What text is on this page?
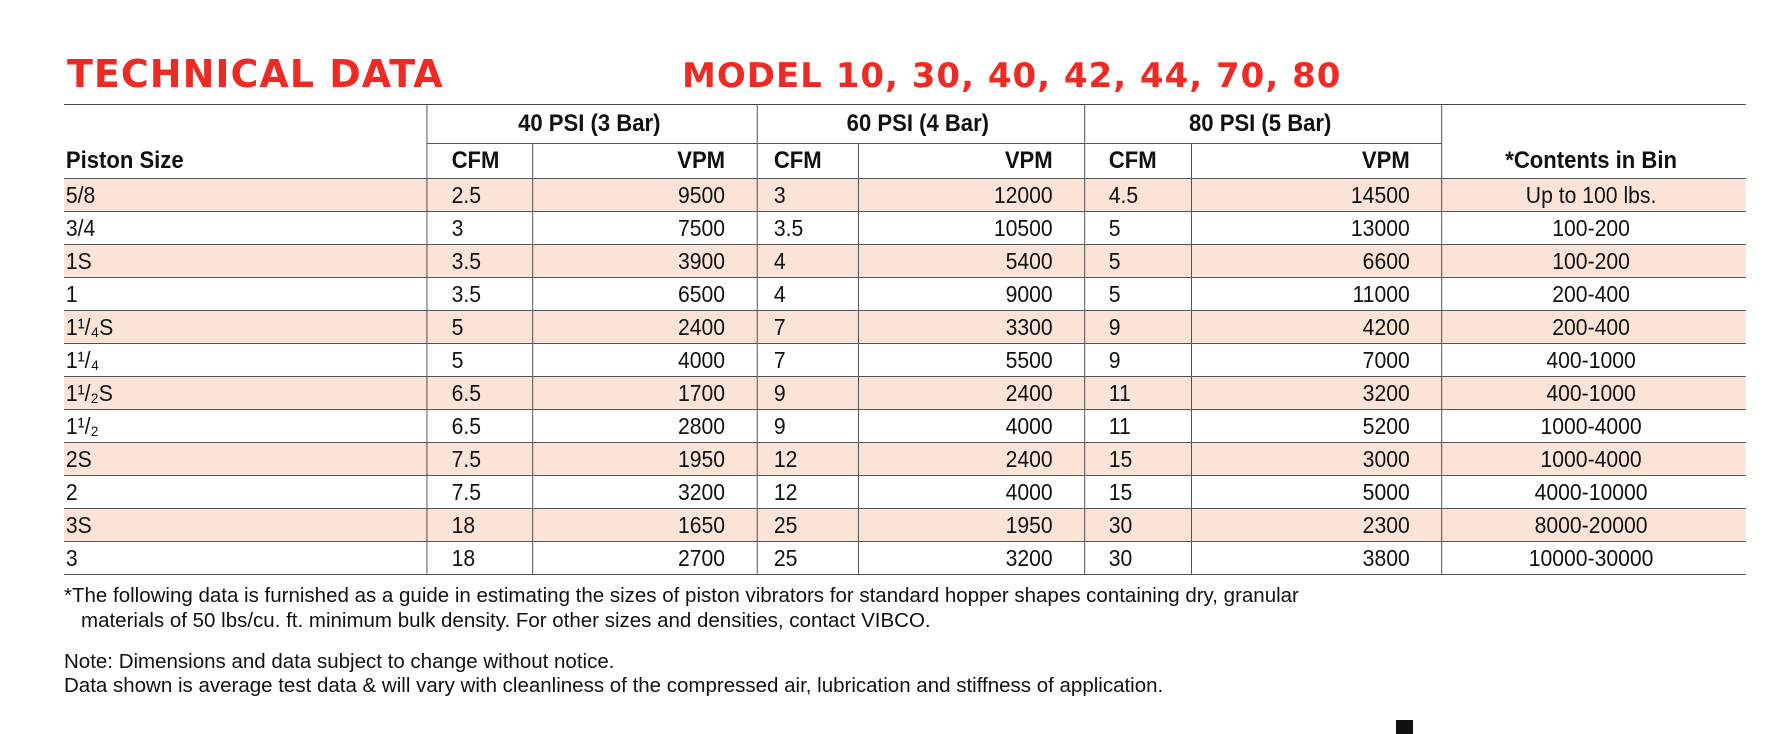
TECHNICAL DATA	MODEL 10, 30, 40, 42, 44, 70, 80
	40 PSI (3 Bar)		60 PSI (4 Bar)		80 PSI (5 Bar)		
Piston Size	CFM	VPM	CFM	VPM	CFM	VPM	*Contents in Bin
5/8	2.5	9500	3	12000	4.5	14500	Up to 100 lbs.
3/4	3	7500	3.5	10500	5	13000	100-200
1S	3.5	3900	4	5400	5	6600	100-200
1	3.5	6500	4	9000	5	11000	200-400
1¹/₄S	5	2400	7	3300	9	4200	200-400
1¹/₄	5	4000	7	5500	9	7000	400-1000
1¹/₂S	6.5	1700	9	2400	11	3200	400-1000
1¹/₂	6.5	2800	9	4000	11	5200	1000-4000
2S	7.5	1950	12	2400	15	3000	1000-4000
2	7.5	3200	12	4000	15	5000	4000-10000
3S	18	1650	25	1950	30	2300	8000-20000
3	18	2700	25	3200	30	3800	10000-30000
*The following data is furnished as a guide in estimating the sizes of piston vibrators for standard hopper shapes containing dry, granular
materials of 50 lbs/cu. ft. minimum bulk density. For other sizes and densities, contact VIBCO.
Note: Dimensions and data subject to change without notice.
Data shown is average test data & will vary with cleanliness of the compressed air, lubrication and stiffness of application.
